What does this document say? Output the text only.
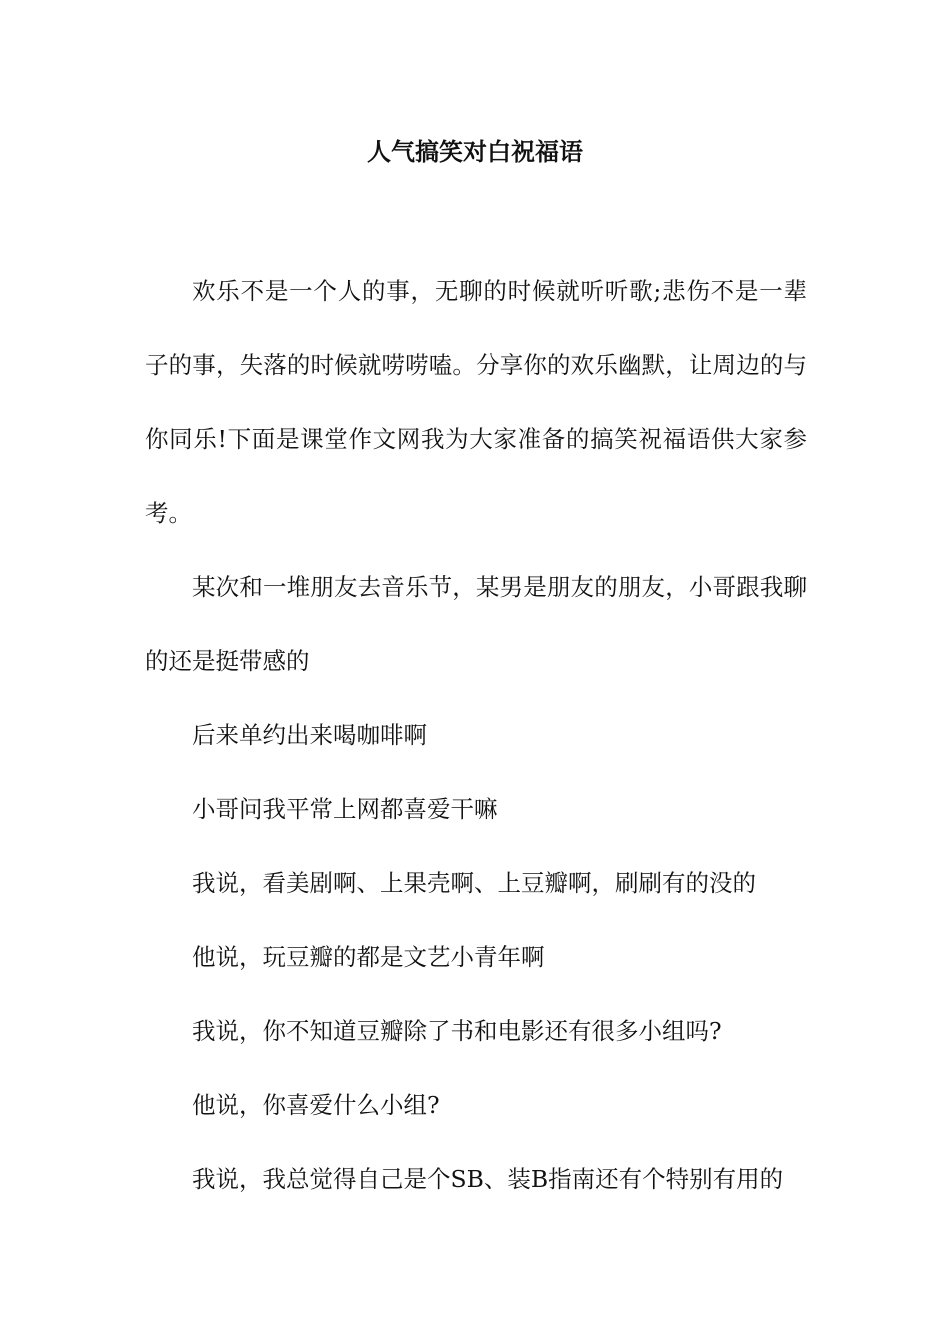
人气搞笑对白祝福语

欢乐不是一个人的事，无聊的时候就听听歌;悲伤不是一辈子的事，失落的时候就唠唠嗑。分享你的欢乐幽默，让周边的与你同乐!下面是课堂作文网我为大家准备的搞笑祝福语供大家参考。

某次和一堆朋友去音乐节，某男是朋友的朋友，小哥跟我聊的还是挺带感的

后来单约出来喝咖啡啊

小哥问我平常上网都喜爱干嘛

我说，看美剧啊、上果壳啊、上豆瓣啊，刷刷有的没的

他说，玩豆瓣的都是文艺小青年啊

我说，你不知道豆瓣除了书和电影还有很多小组吗?

他说，你喜爱什么小组?

我说，我总觉得自己是个SB、装B指南还有个特别有用的
